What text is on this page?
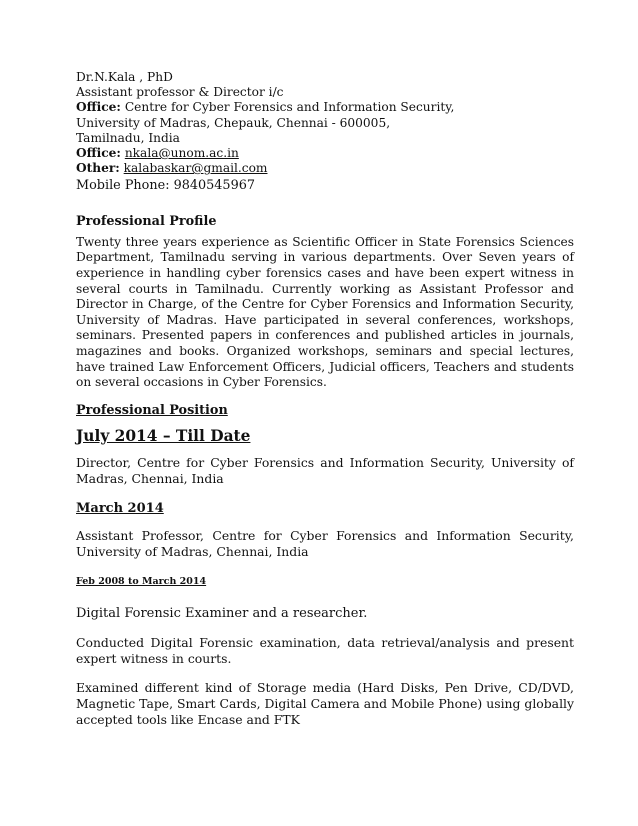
Dr.N.Kala , PhD
Assistant professor & Director i/c
Office: Centre for Cyber Forensics and Information Security,
University of Madras, Chepauk, Chennai - 600005,
Tamilnadu, India
Office: nkala@unom.ac.in
Other: kalabaskar@gmail.com
Mobile Phone: 9840545967
Professional Profile
Twenty three years experience as Scientific Officer in State Forensics Sciences Department, Tamilnadu serving in various departments. Over Seven years of experience in handling cyber forensics cases and have been expert witness in several courts in Tamilnadu. Currently working as Assistant Professor and Director in Charge, of the Centre for Cyber Forensics and Information Security, University of Madras. Have participated in several conferences, workshops, seminars. Presented papers in conferences and published articles in journals, magazines and books. Organized workshops, seminars and special lectures, have trained Law Enforcement Officers, Judicial officers, Teachers and students on several occasions in Cyber Forensics.
Professional Position
July 2014 – Till Date
Director, Centre for Cyber Forensics and Information Security, University of Madras, Chennai, India
March 2014
Assistant Professor, Centre for Cyber Forensics and Information Security, University of Madras, Chennai, India
Feb 2008 to March 2014
Digital Forensic Examiner and a researcher.
Conducted Digital Forensic examination, data retrieval/analysis and present expert witness in courts.
Examined different kind of Storage media (Hard Disks, Pen Drive, CD/DVD, Magnetic Tape, Smart Cards, Digital Camera and Mobile Phone) using globally accepted tools like Encase and FTK
